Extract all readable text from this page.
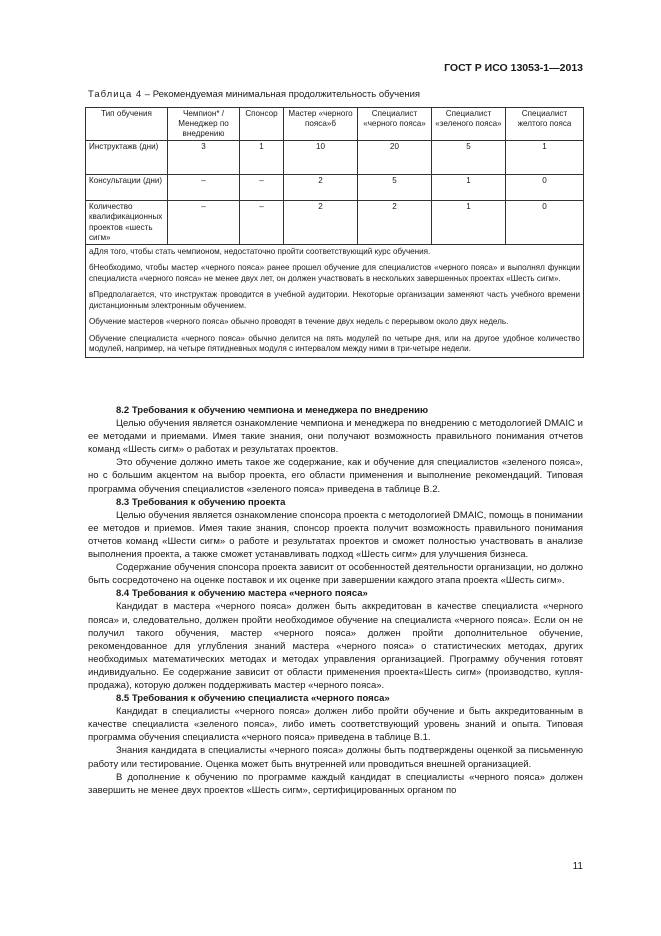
ГОСТ Р ИСО 13053-1—2013
Таблица 4 – Рекомендуемая минимальная продолжительность обучения
Тип обучения	Чемпион* / Менеджер по внедрению	Спонсор	Мастер «черного пояса»б	Специалист «черного пояса»	Специалист «зеленого пояса»	Специалист желтого пояса
Инструктажв (дни)	3	1	10	20	5	1
Консультации (дни)	–	–	2	5	1	0
Количество квалификационных проектов «шесть сигм»	–	–	2	2	1	0

аДля того, чтобы стать чемпионом, недостаточно пройти соответствующий курс обучения.

бНеобходимо, чтобы мастер «черного пояса» ранее прошел обучение для специалистов «черного пояса» и выполнял функции специалиста «черного пояса» не менее двух лет, он должен участвовать в нескольких завершенных проектах «Шесть сигм».

вПредполагается, что инструктаж проводится в учебной аудитории. Некоторые организации заменяют часть учебного времени дистанционным электронным обучением.

Обучение мастеров «черного пояса» обычно проводят в течение двух недель с перерывом около двух недель.

Обучение специалиста «черного пояса» обычно делится на пять модулей по четыре дня, или на другое удобное количество модулей, например, на четыре пятидневных модуля с интервалом между ними в три-четыре недели.						

8.2 Требования к обучению чемпиона и менеджера по внедрению

Целью обучения является ознакомление чемпиона и менеджера по внедрению с методологией DMAIC и ее методами и приемами. Имея такие знания, они получают возможность правильного понимания отчетов команд «Шесть сигм» о работах и результатах проектов.

Это обучение должно иметь такое же содержание, как и обучение для специалистов «зеленого пояса», но с большим акцентом на выбор проекта, его области применения и выполнение рекомендаций. Типовая программа обучения специалистов «зеленого пояса» приведена в таблице В.2.

8.3 Требования к обучению проекта

Целью обучения является ознакомление спонсора проекта с методологией DMAIC, помощь в понимании ее методов и приемов. Имея такие знания, спонсор проекта получит возможность правильного понимания отчетов команд «Шести сигм» о работе и результатах проектов и сможет полностью участвовать в анализе выполнения проекта, а также сможет устанавливать подход «Шесть сигм» для улучшения бизнеса.

Содержание обучения спонсора проекта зависит от особенностей деятельности организации, но должно быть сосредоточено на оценке поставок и их оценке при завершении каждого этапа проекта «Шесть сигм».

8.4 Требования к обучению мастера «черного пояса»

Кандидат в мастера «черного пояса» должен быть аккредитован в качестве специалиста «черного пояса» и, следовательно, должен пройти необходимое обучение на специалиста «черного пояса». Если он не получил такого обучения, мастер «черного пояса» должен пройти дополнительное обучение, рекомендованное для углубления знаний мастера «черного пояса» о статистических методах, других необходимых математических методах и методах управления организацией. Программу обучения готовят индивидуально. Ее содержание зависит от области применения проекта«Шесть сигм» (производство, купля-продажа), которую должен поддерживать мастер «черного пояса».

8.5 Требования к обучению специалиста «черного пояса»

Кандидат в специалисты «черного пояса» должен либо пройти обучение и быть аккредитованным в качестве специалиста «зеленого пояса», либо иметь соответствующий уровень знаний и опыта. Типовая программа обучения специалиста «черного пояса» приведена в таблице В.1.

Знания кандидата в специалисты «черного пояса» должны быть подтверждены оценкой за письменную работу или тестирование. Оценка может быть внутренней или проводиться внешней организацией.

В дополнение к обучению по программе каждый кандидат в специалисты «черного пояса» должен завершить не менее двух проектов «Шесть сигм», сертифицированных органом по

11
